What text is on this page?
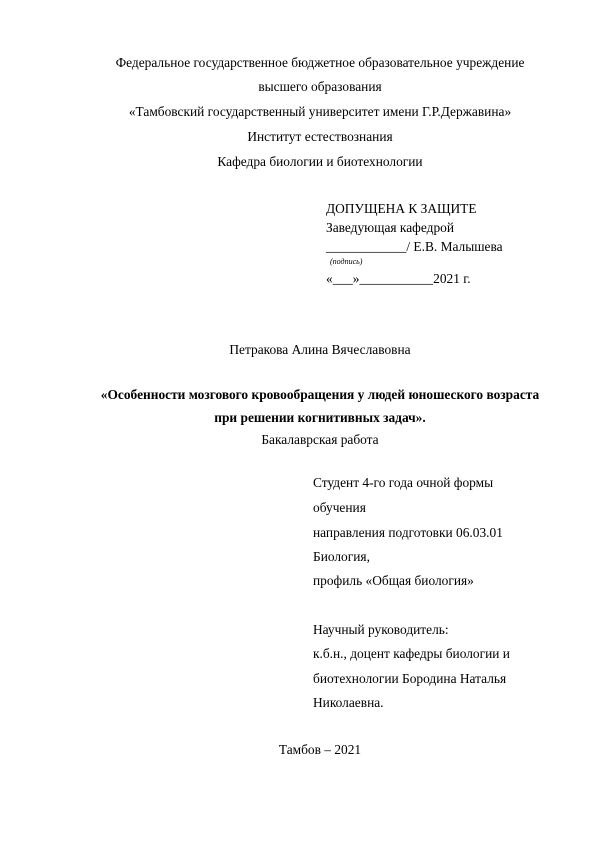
Федеральное государственное бюджетное образовательное учреждение
высшего образования
«Тамбовский государственный университет имени Г.Р.Державина»
Институт естествознания
Кафедра биологии и биотехнологии
ДОПУЩЕНА К ЗАЩИТЕ
Заведующая кафедрой
____________/ Е.В. Малышева
(подпись)
«___»___________2021 г.
Петракова Алина Вячеславовна
«Особенности мозгового кровообращения у людей юношеского возраста
при решении когнитивных задач».
Бакалаврская работа
Студент 4-го года очной формы
обучения
направления подготовки 06.03.01
Биология,
профиль «Общая биология»
Научный руководитель:
к.б.н., доцент кафедры биологии и
биотехнологии Бородина Наталья
Николаевна.
Тамбов – 2021
